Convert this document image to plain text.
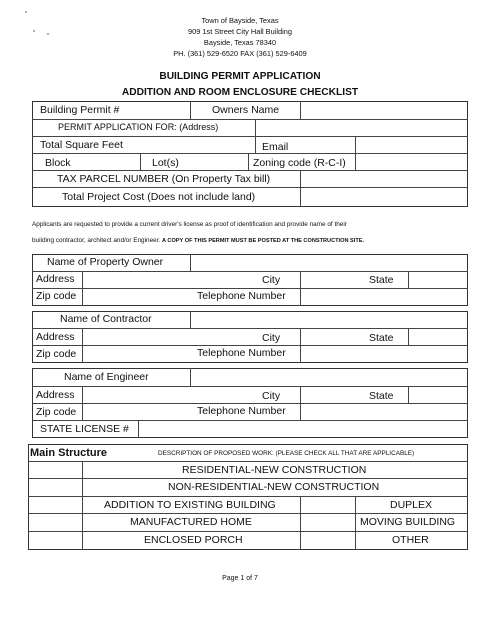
Town of Bayside, Texas
909 1st Street City Hall Building
Bayside, Texas 78340
PH. (361) 529-6520 FAX (361) 529-6409
BUILDING PERMIT APPLICATION
ADDITION AND ROOM ENCLOSURE CHECKLIST
Building Permit #	Owners Name
PERMIT APPLICATION FOR: (Address)
Total Square Feet	Email
Block	Lot(s)	Zoning code (R-C-I)
TAX PARCEL NUMBER (On Property Tax bill)
Total Project Cost (Does not include land)
Applicants are requested to provide a current driver's license as proof of identification and provide name of their
building contractor, architect and/or Engineer. A COPY OF THIS PERMIT MUST BE POSTED AT THE CONSTRUCTION SITE.
Name of Property Owner
Address	City	State
Zip code	Telephone Number
Name of Contractor
Address	City	State
Zip code	Telephone Number
Name of Engineer
Address	City	State
Zip code	Telephone Number
STATE LICENSE #
Main Structure	DESCRIPTION OF PROPOSED WORK: (PLEASE CHECK ALL THAT ARE APPLICABLE)
RESIDENTIAL-NEW CONSTRUCTION
NON-RESIDENTIAL-NEW CONSTRUCTION
ADDITION TO EXISTING BUILDING	DUPLEX
MANUFACTURED HOME	MOVING BUILDING
ENCLOSED PORCH	OTHER
Page 1 of 7
